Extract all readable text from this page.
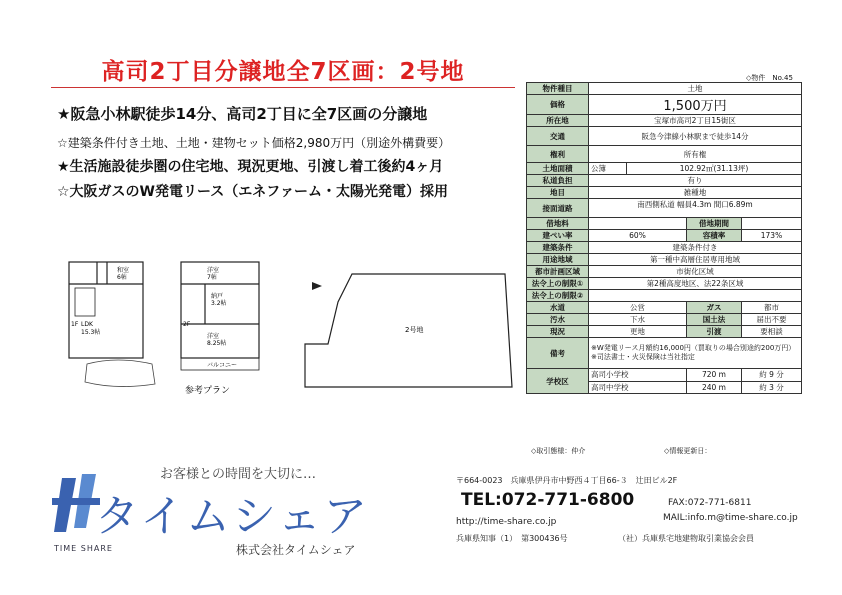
高司2丁目分譲地全7区画：2号地
★阪急小林駅徒歩14分、高司2丁目に全7区画の分譲地
☆建築条件付き土地、土地・建物セット価格2,980万円（別途外構費要）
★生活施設徒歩圏の住宅地、現況更地、引渡し着工後約4ヶ月
☆大阪ガスのW発電リース（エネファーム・太陽光発電）採用
◇物件　No.45
物件種目	土地			
価格	1,500万円			
所在地	宝塚市高司2丁目15街区			
交通	阪急今津線小林駅まで徒歩14分			
権利	所有権			
土地面積	公簿	102.92㎡(31.13坪)		
私道負担	有り			
地目	雑種地			
接面道路	南西側私道 幅員4.3m 間口6.89m			
借地料			借地期間	
建ぺい率	60%		容積率	173%
建築条件	建築条件付き			
用途地域	第一種中高層住居専用地域			
都市計画区域	市街化区域			
法令上の制限①	第2種高度地区、法22条区域			
法令上の制限②				
水道	公営		ガス	都市
汚水	下水		国土法	届出不要
現況	更地		引渡	要相談
備考	※W発電リース月額約16,000円（買取りの場合別途約200万円） ※司法書士・火災保険は当社指定			
学校区	高司小学校		720 m	約 9 分
	高司中学校		240 m	約 3 分
◇取引態様：仲介	◇情報更新日：
LDK
15.3帖
和室
6帖
1F	2F
洋室
7帖
納戸
3.2帖
洋室
8.25帖
バルコニー
参考プラン
2号地
お客様との時間を大切に…
タイムシェア
TIME SHARE	株式会社タイムシェア
〒664-0023　兵庫県伊丹市中野西４丁目66-３　辻田ビル2F
TEL:072-771-6800	FAX:072-771-6811
http://time-share.co.jp	MAIL:info.m@time-share.co.jp
兵庫県知事（1）　第300436号	（社）兵庫県宅地建物取引業協会会員
